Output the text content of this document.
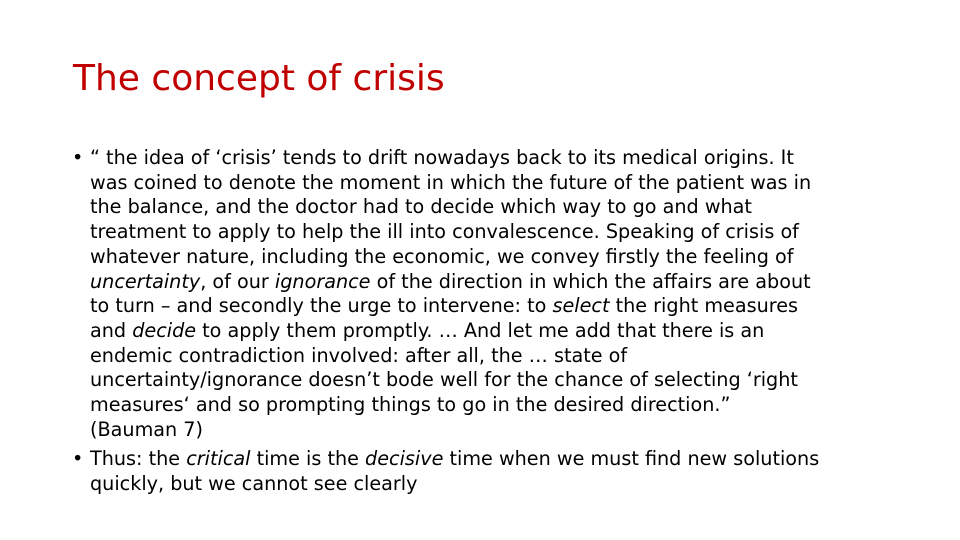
The concept of crisis
• “ the idea of ‘crisis’ tends to drift nowadays back to its medical origins. It
was coined to denote the moment in which the future of the patient was in
the balance, and the doctor had to decide which way to go and what
treatment to apply to help the ill into convalescence. Speaking of crisis of
whatever nature, including the economic, we convey firstly the feeling of
uncertainty, of our ignorance of the direction in which the affairs are about
to turn – and secondly the urge to intervene: to select the right measures
and decide to apply them promptly. … And let me add that there is an
endemic contradiction involved: after all, the … state of
uncertainty/ignorance doesn’t bode well for the chance of selecting ‘right
measures‘ and so prompting things to go in the desired direction.”
(Bauman 7)
• Thus: the critical time is the decisive time when we must find new solutions
quickly, but we cannot see clearly
